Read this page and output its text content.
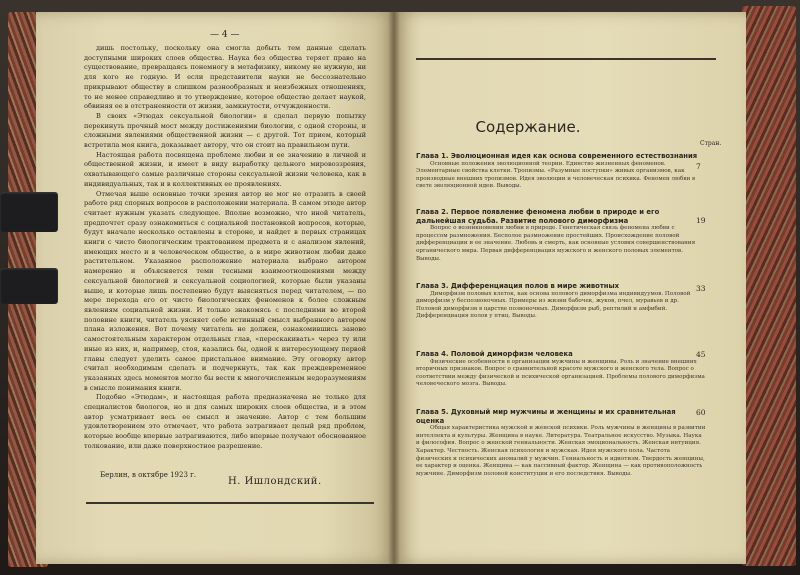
— 4 —

дишь постольку, поскольку она смогла добыть тем данные сделать доступными широких слоев общества. Наука без общества теряет право на существование, превращаясь понемногу в метафизику, никому не нужную, ни для кого не годную. И если представители науки не бессознательно прикрывают обществу в слишком разнообразных и неизбежных отношениях, то не менее справедливо и то утверждение, которое общество делает наукой, обвиняя ее в отстраненности от жизни, замкнутости, отчужденности.

В своих «Этюдах сексуальной биологии» я сделал первую попытку перекинуть прочный мост между достижениями биологии, с одной стороны, и сложными явлениями общественной жизни — с другой. Тот прием, который встретила моя книга, доказывает автору, что он стоит на правильном пути.

Настоящая работа посвящена проблеме любви и ее значению в личной и общественной жизни, и имеет в виду выработку цельного мировоззрения, охватывающего самые различные стороны сексуальной жизни человека, как в индивидуальных, так и в коллективных ее проявлениях.

Отмечая выше основные точки зрения автор не мог не отразить в своей работе ряд спорных вопросов в расположении материала. В самом этюде автор считает нужным указать следующее. Вполне возможно, что иной читатель, предпочтет сразу ознакомиться с социальной постановкой вопросов, которые, будут вначале несколько оставлены в стороне, и найдет в первых страницах книги с чисто биологическим трактованием предмета и с анализом явлений, имеющих место и в человеческом обществе, а в мире животном любви даже растительном. Указанное расположение материала выбрано автором намеренно и объясняется теми тесными взаимоотношениями между сексуальной биологией и сексуальной социологией, которые были указаны выше, и которые лишь постепенно будут выясняться перед читателем, — по мере перехода его от чисто биологических феноменов к более сложным явлениям социальной жизни. И только знакомясь с последними во второй половине книги, читатель уясняет себе истинный смысл выбранного автором плана изложения. Вот почему читатель не должен, ознакомившись заново самостоятельным характером отдельных глав, «перескакивать» через ту или иные из них, и, например, стоя, казались бы, одной к интересующему первой главы следует уделить самое пристальное внимание. Эту оговорку автор считал необходимым сделать и подчеркнуть, так как преждевременное указанных здесь моментов могло бы вести к многочисленным недоразумениям в смысле понимания книги.

Подобно «Этюдам», и настоящая работа предназначена не только для специалистов биологов, но и для самых широких слоев общества, и в этом автор усматривает весь ее смысл и значение. Автор с тем большим удовлетворением это отмечает, что работа затрагивает целый ряд проблем, которые вообще впервые затрагиваются, либо впервые получают обоснованное толкование, или даже поверхностное разрешение.

Берлин, в октябре 1923 г.
Н. Ишлондский.
Содержание.
Стран.
Глава 1. Эволюционная идея как основа современного естествознания
Основные положения эволюционной теории. Единство жизненных феноменов. Элементарные свойства клетки. Тропизмы. «Разумные поступки» живых организмов, как производные внешних тропизмов. Идея эволюции и человеческая психика. Феномен любви в свете эволюционной идеи. Выводы.
7
Глава 2. Первое появление феномена любви в природе и его дальнейшая судьба. Развитие полового диморфизма
Вопрос о возникновении любви в природе. Генетическая связь феномена любви с процессом размножения. Бесполое размножение простейших. Происхождение половой дифференциации и ее значение. Любовь и смерть, как основные условия совершенствования органического мира. Первая дифференциация мужского и женского половых элементов. Выводы.
19
Глава 3. Дифференциация полов в мире животных
Диморфизм половых клеток, как основа полового диморфизма индивидуумов. Половой диморфизм у беспозвоночных. Примеры из жизни бабочек, жуков, пчел, муравьев и др. Половой диморфизм в царстве позвоночных. Диморфизм рыб, рептилий и амфибий. Дифференциация полов у птиц. Выводы.
33
Глава 4. Половой диморфизм человека
Физические особенности в организации мужчины и женщины. Роль и значение внешних вторичных признаков. Вопрос о сравнительной красоте мужского и женского тела. Вопрос о соответствии между физической и психической организацией. Проблемы полового диморфизма человеческого мозга. Выводы.
45
Глава 5. Духовный мир мужчины и женщины и их сравнительная оценка
Общая характеристика мужской и женской психики. Роль мужчины и женщины в развитии интеллекта и культуры. Женщина в науке. Литература. Театральное искусство. Музыка. Наука и философия. Вопрос о женской гениальности. Женская эмоциональность. Женская интуиция. Характер. Честность. Женская психология и мужская. Идея мужского пола. Частота физических и психических аномалий у мужчин. Гениальность и идиотизм. Твердость женщины, ее характер и оценка. Женщина — как пассивный фактор. Женщина — как противоположность мужчине. Диморфизм половой конституции и его последствия. Выводы.
60
